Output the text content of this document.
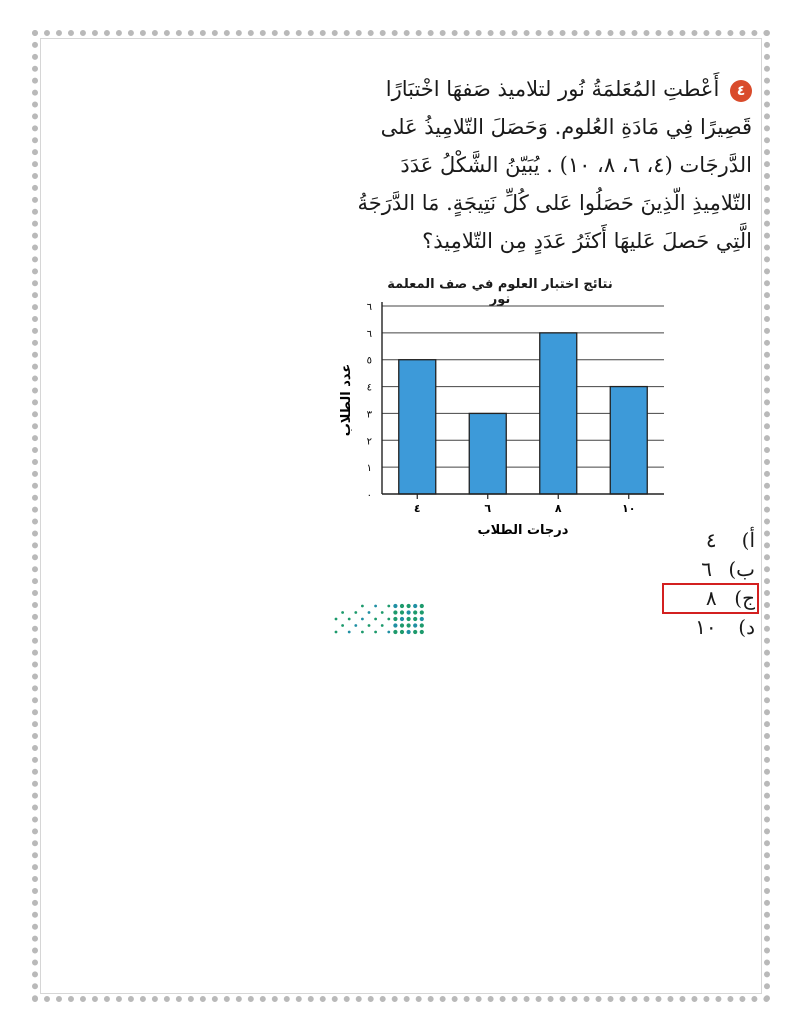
٤ أَعْطتِ المُعَلمَةُ نُور لتلاميذ صَفهَا اخْتبَارًا قَصِيرًا فِي مَادَةِ العُلوم. وَحَصَلَ التّلامِيذُ عَلى الدَّرجَات (٤، ٦، ٨، ١٠) . يُبَيّنُ الشَّكْلُ عَدَدَ التّلامِيذِ الّذِينَ حَصَلُوا عَلى كُلِّ نَتِيجَةٍ. مَا الدَّرَجَةُ الَّتِي حَصلَ عَليهَا أَكثَرُ عَدَدٍ مِن التّلامِيذ؟
نتائج اختبار العلوم في صف المعلمة نور
٠
١
٢
٣
٤
٥
٦
٦
٤	٦	٨	١٠
عدد الطلاب
درجات الطلاب	أ) ٤
ب) ٦
ج) ٨
د) ١٠
